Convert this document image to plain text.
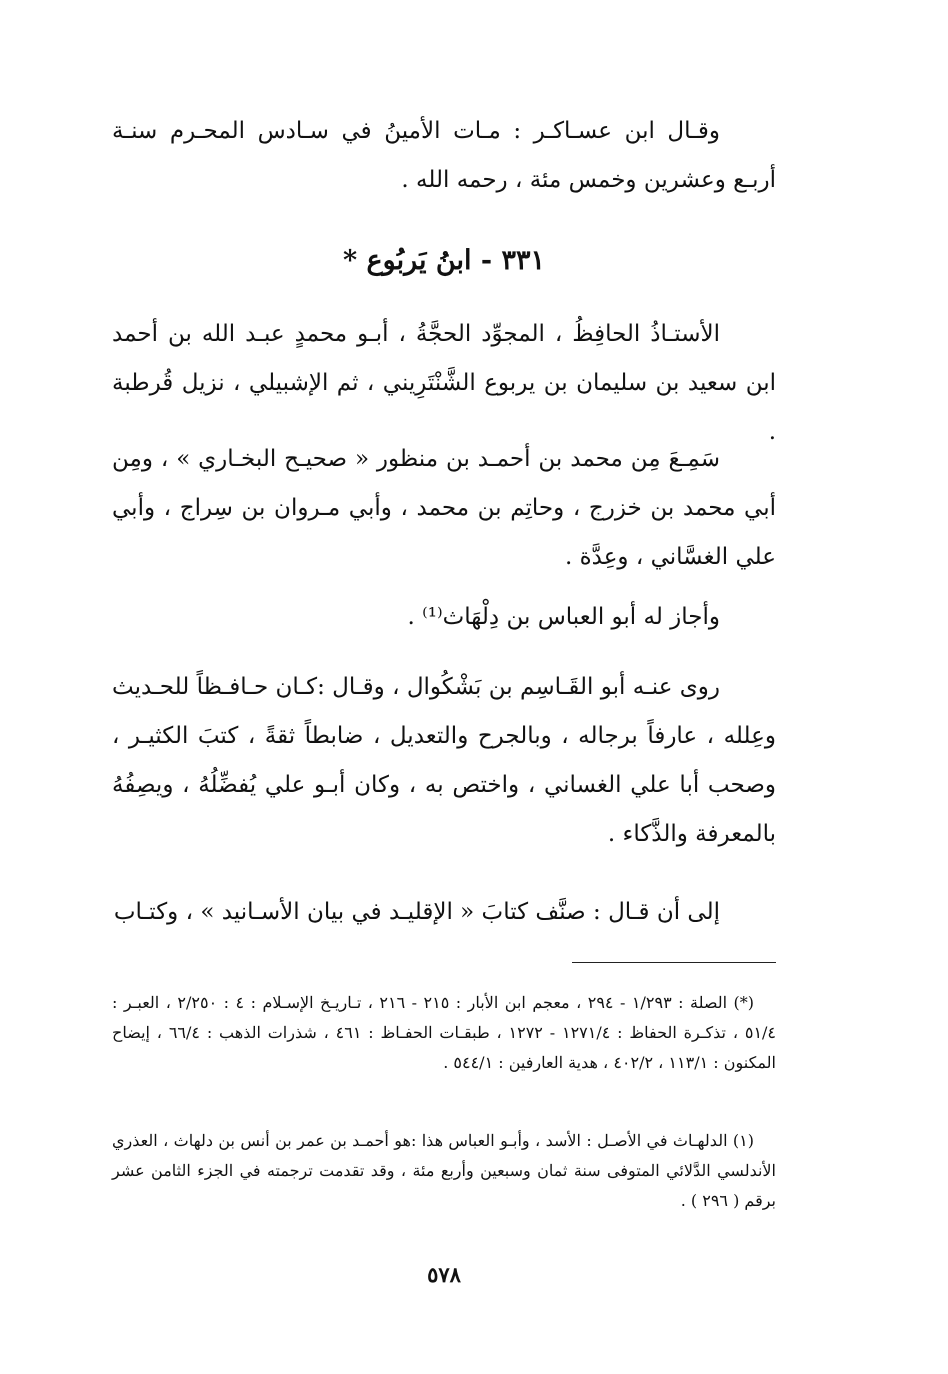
وقـال ابن عسـاكـر : مـات الأمينُ في سـادس المحـرم سنـة أربـع وعشرين وخمس مئة ، رحمه الله .

٣٣١ - ابنُ يَربُوع *

الأستـاذُ الحافِظُ ، المجوِّد الحجَّةُ ، أبـو محمدٍ عبـد الله بن أحمد ابن سعيد بن سليمان بن يربوع الشَّنْتَرِيني ، ثم الإشبيلي ، نزيل قُرطبة .

سَمِـعَ مِن محمد بن أحمـد بن منظور « صحيـح البخـاري » ، ومِن أبي محمد بن خزرج ، وحاتِم بن محمد ، وأبي مـروان بن سِراج ، وأبي علي الغسَّاني ، وعِدَّة .

وأجاز له أبو العباس بن دِلْهَاث⁽¹⁾ .

روى عنـه أبو القَـاسِم بن بَشْكُوال ، وقـال :كـان حـافـظاً للحـديث وعِلله ، عارفاً برجاله ، وبالجرح والتعديل ، ضابطاً ثقةً ، كتبَ الكثيـر ، وصحب أبا علي الغساني ، واختص به ، وكان أبـو علي يُفضِّلُهُ ، ويصِفُهُ بالمعرفة والذَّكاء .

إلى أن قـال : صنَّف كتابَ « الإقليـد في بيان الأسـانيد » ، وكتـاب

(*) الصلة : ١/٢٩٣ - ٢٩٤ ، معجم ابن الأبار : ٢١٥ - ٢١٦ ، تـاريـخ الإسـلام : ٤ : ٢/٢٥٠ ، العبـر : ٥١/٤ ، تذكـرة الحفاظ : ١٢٧١/٤ - ١٢٧٢ ، طبقـات الحفـاظ : ٤٦١ ، شذرات الذهب : ٦٦/٤ ، إيضاح المكنون : ١١٣/١ ، ٤٠٢/٢ ، هدية العارفين : ٥٤٤/١ .

(١) الدلهـاث في الأصـل : الأسد ، وأبـو العباس هذا :هو أحمـد بن عمر بن أنس بن دلهاث ، العذري الأندلسي الدَّلائي المتوفى سنة ثمان وسبعين وأربع مئة ، وقد تقدمت ترجمته في الجزء الثامن عشر برقم ( ٢٩٦ ) .

٥٧٨
